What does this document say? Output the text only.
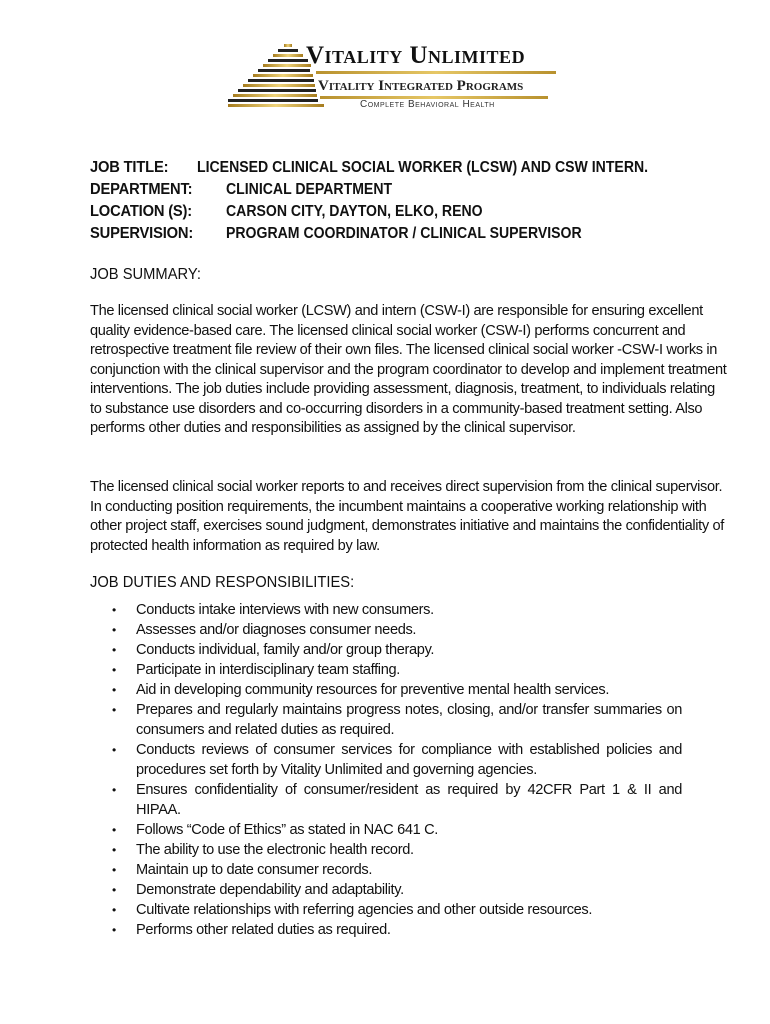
Vitality Unlimited
Vitality Integrated Programs
Complete Behavioral Health
JOB TITLE:	LICENSED CLINICAL SOCIAL WORKER (LCSW) AND CSW INTERN.
DEPARTMENT:	CLINICAL DEPARTMENT
LOCATION (S):	CARSON CITY, DAYTON, ELKO, RENO
SUPERVISION:	PROGRAM COORDINATOR / CLINICAL SUPERVISOR
JOB SUMMARY:

The licensed clinical social worker (LCSW) and intern (CSW-I) are responsible for ensuring excellent quality evidence-based care. The licensed clinical social worker (CSW-I) performs concurrent and retrospective treatment file review of their own files. The licensed clinical social worker -CSW-I works in conjunction with the clinical supervisor and the program coordinator to develop and implement treatment interventions. The job duties include providing assessment, diagnosis, treatment, to individuals relating to substance use disorders and co-occurring disorders in a community-based treatment setting. Also performs other duties and responsibilities as assigned by the clinical supervisor.

The licensed clinical social worker reports to and receives direct supervision from the clinical supervisor. In conducting position requirements, the incumbent maintains a cooperative working relationship with other project staff, exercises sound judgment, demonstrates initiative and maintains the confidentiality of protected health information as required by law.

JOB DUTIES AND RESPONSIBILITIES:
• Conducts intake interviews with new consumers.
• Assesses and/or diagnoses consumer needs.
• Conducts individual, family and/or group therapy.
• Participate in interdisciplinary team staffing.
• Aid in developing community resources for preventive mental health services.
• Prepares and regularly maintains progress notes, closing, and/or transfer summaries on consumers and related duties as required.
• Conducts reviews of consumer services for compliance with established policies and procedures set forth by Vitality Unlimited and governing agencies.
• Ensures confidentiality of consumer/resident as required by 42CFR Part 1 & II and HIPAA.
• Follows “Code of Ethics” as stated in NAC 641 C.
• The ability to use the electronic health record.
• Maintain up to date consumer records.
• Demonstrate dependability and adaptability.
• Cultivate relationships with referring agencies and other outside resources.
• Performs other related duties as required.
